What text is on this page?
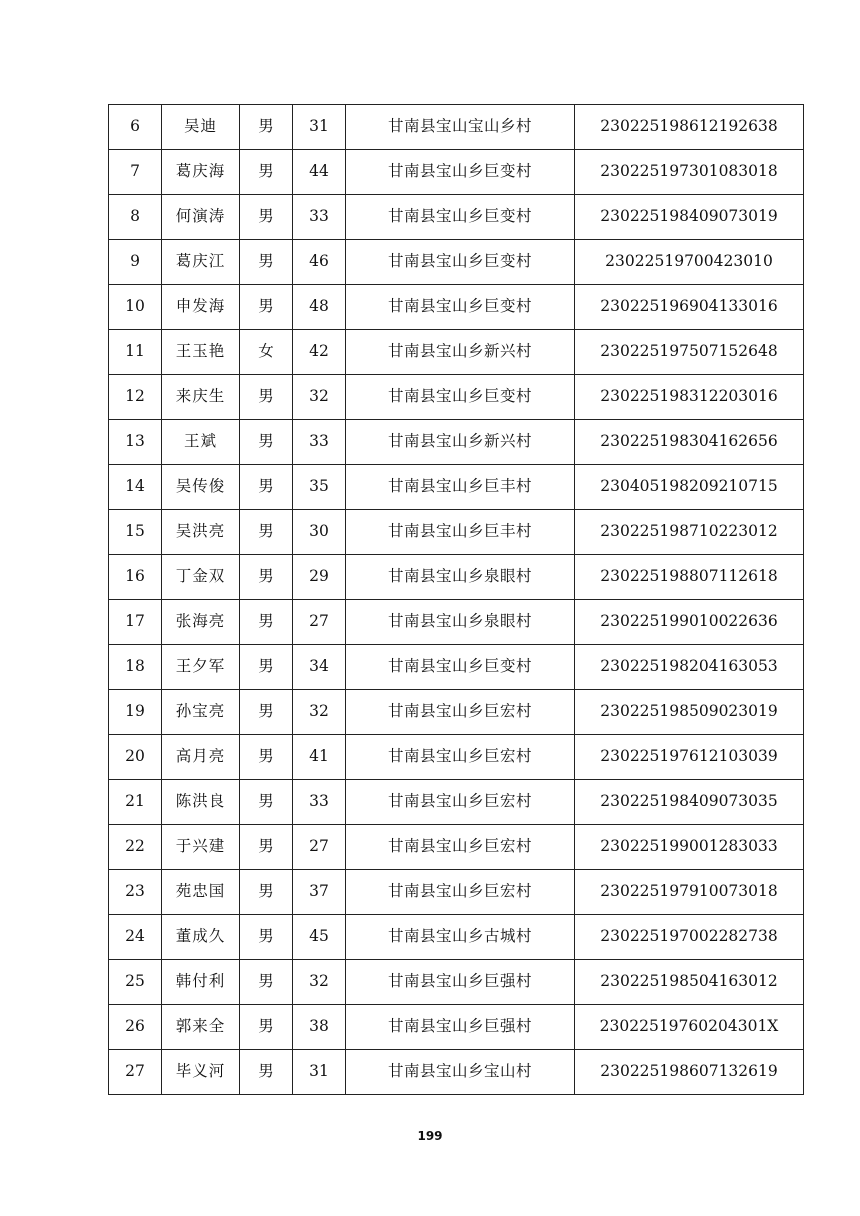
6	吴迪	男	31	甘南县宝山宝山乡村	230225198612192638
7	葛庆海	男	44	甘南县宝山乡巨变村	230225197301083018
8	何演涛	男	33	甘南县宝山乡巨变村	230225198409073019
9	葛庆江	男	46	甘南县宝山乡巨变村	23022519700423010
10	申发海	男	48	甘南县宝山乡巨变村	230225196904133016
11	王玉艳	女	42	甘南县宝山乡新兴村	230225197507152648
12	来庆生	男	32	甘南县宝山乡巨变村	230225198312203016
13	王斌	男	33	甘南县宝山乡新兴村	230225198304162656
14	吴传俊	男	35	甘南县宝山乡巨丰村	230405198209210715
15	吴洪亮	男	30	甘南县宝山乡巨丰村	230225198710223012
16	丁金双	男	29	甘南县宝山乡泉眼村	230225198807112618
17	张海亮	男	27	甘南县宝山乡泉眼村	230225199010022636
18	王夕军	男	34	甘南县宝山乡巨变村	230225198204163053
19	孙宝亮	男	32	甘南县宝山乡巨宏村	230225198509023019
20	高月亮	男	41	甘南县宝山乡巨宏村	230225197612103039
21	陈洪良	男	33	甘南县宝山乡巨宏村	230225198409073035
22	于兴建	男	27	甘南县宝山乡巨宏村	230225199001283033
23	苑忠国	男	37	甘南县宝山乡巨宏村	230225197910073018
24	董成久	男	45	甘南县宝山乡古城村	230225197002282738
25	韩付利	男	32	甘南县宝山乡巨强村	230225198504163012
26	郭来全	男	38	甘南县宝山乡巨强村	23022519760204301X
27	毕义河	男	31	甘南县宝山乡宝山村	230225198607132619
199
